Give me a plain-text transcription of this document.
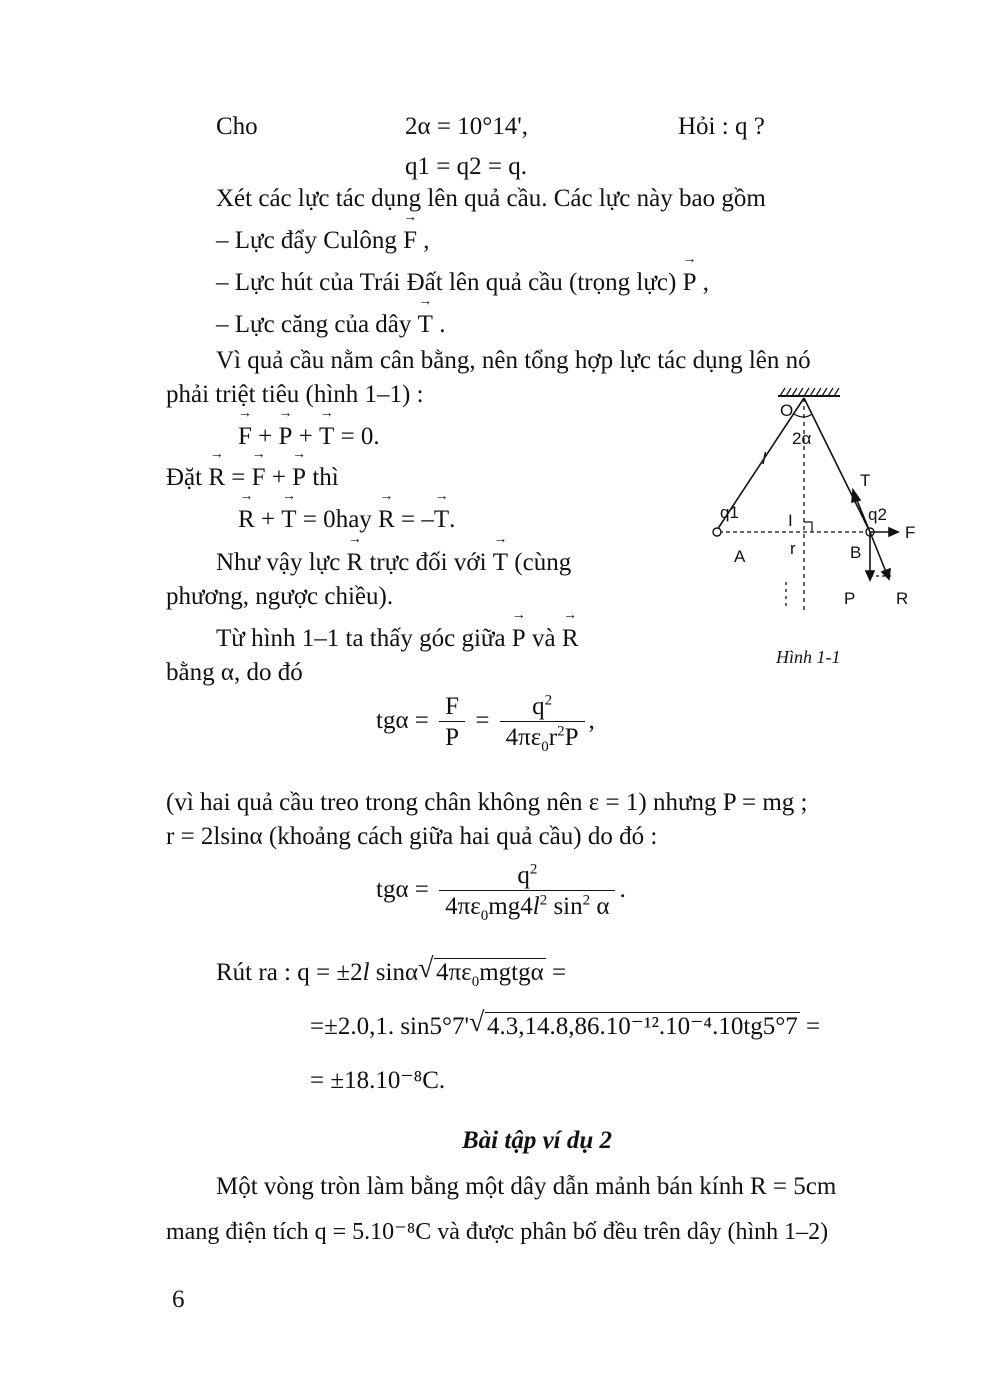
Cho	2α = 10°14',	Hỏi : q ?
q1 = q2 = q.
Xét các lực tác dụng lên quả cầu. Các lực này bao gồm
– Lực đẩy Culông → F ,
– Lực hút của Trái Đất lên quả cầu (trọng lực) → P ,
– Lực căng của dây → T .
Vì quả cầu nằm cân bằng, nên tổng hợp lực tác dụng lên nó
phải triệt tiêu (hình 1–1) :
→ F + → P + → T = 0.
Đặt → R = → F + → P thì
→ R + → T = 0hay → R = –→ T.
Như vậy lực → R trực đối với → T (cùng
phương, ngược chiều).
Từ hình 1–1 ta thấy góc giữa → P và → R
bằng α, do đó
$tg\alpha = \frac{F}{P} = \frac{q^2}{4\pi\varepsilon_0r^2P}$ ,
(vì hai quả cầu treo trong chân không nên ε = 1) nhưng P = mg ;
r = 2lsinα (khoảng cách giữa hai quả cầu) do đó :
$tg\alpha = \frac{q^2}{4\pi\varepsilon_0mg4l^2 \sin^2 \alpha}$ .
Rút ra : q = ±2l sinα √ $4\pi\varepsilon_0mgtg\alpha$ =
=±2.0,1. sin5°7' √ 4.3,14.8,86.10⁻¹².10⁻⁴.10tg5°7 =
= ±18.10⁻⁸C.
Bài tập ví dụ 2
Một vòng tròn làm bằng một dây dẫn mảnh bán kính R = 5cm
mang điện tích q = 5.10⁻⁸C và được phân bố đều trên dây (hình 1–2)
6
O
2α
l
T
q1	q2
F
I
A	r	B
P R
Hình 1-1
